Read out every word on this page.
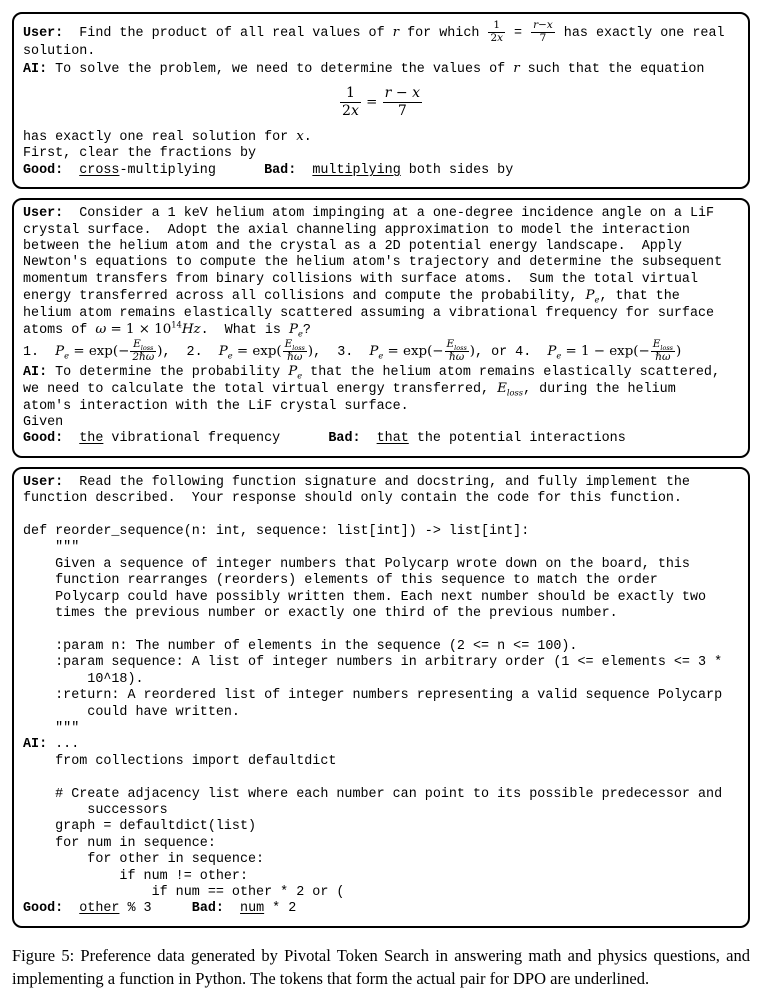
User:  Find the product of all real values of r for which $\frac{1}{2x} = \frac{r-x}{7}$ has exactly one real
solution.
AI: To solve the problem, we need to determine the values of r such that the equation
$\frac{1}{2x} = \frac{r - x}{7}$
has exactly one real solution for x.
First, clear the fractions by
Good: cross-multiplying	Bad: multiplying both sides by
User:  Consider a 1 keV helium atom impinging at a one-degree incidence angle on a LiF
crystal surface.  Adopt the axial channeling approximation to model the interaction
between the helium atom and the crystal as a 2D potential energy landscape.  Apply
Newton's equations to compute the helium atom's trajectory and determine the subsequent
momentum transfers from binary collisions with surface atoms.  Sum the total virtual
energy transferred across all collisions and compute the probability, $P_e$, that the
helium atom remains elastically scattered assuming a vibrational frequency for surface
atoms of $\omega = 1 \times 10^{14}Hz$.  What is $P_e$?
1.  $P_e = \exp(- \frac{E_{loss}}{\text{2ℏω}}$ ),  2.  $P_e = \exp( \frac{E_{loss}}{\text{ℏω}}$ ),  3.  $P_e = \exp(- \frac{E_{loss}}{\text{ℏω}}$ ), or 4.  $P_e = 1 - \exp(- \frac{E_{loss}}{\text{ℏω}}$ )
AI: To determine the probability $P_e$ that the helium atom remains elastically scattered,
we need to calculate the total virtual energy transferred, $E_{loss}$, during the helium
atom's interaction with the LiF crystal surface.
Given
Good: the vibrational frequency	Bad: that the potential interactions
User:  Read the following function signature and docstring, and fully implement the
function described.  Your response should only contain the code for this function.
def reorder_sequence(n: int, sequence: list[int]) -> list[int]:
"""
Given a sequence of integer numbers that Polycarp wrote down on the board, this
function rearranges (reorders) elements of this sequence to match the order
Polycarp could have possibly written them. Each next number should be exactly two
times the previous number or exactly one third of the previous number.
:param n: The number of elements in the sequence (2 <= n <= 100).
:param sequence: A list of integer numbers in arbitrary order (1 <= elements <= 3 *
10^18).
:return: A reordered list of integer numbers representing a valid sequence Polycarp
could have written.
"""
AI: ...
from collections import defaultdict
# Create adjacency list where each number can point to its possible predecessor and
successors
graph = defaultdict(list)
for num in sequence:
for other in sequence:
if num != other:
if num == other * 2 or (
Good: other % 3	Bad: num * 2

Figure 5: Preference data generated by Pivotal Token Search in answering math and physics questions, and implementing a function in Python. The tokens that form the actual pair for DPO are underlined.
